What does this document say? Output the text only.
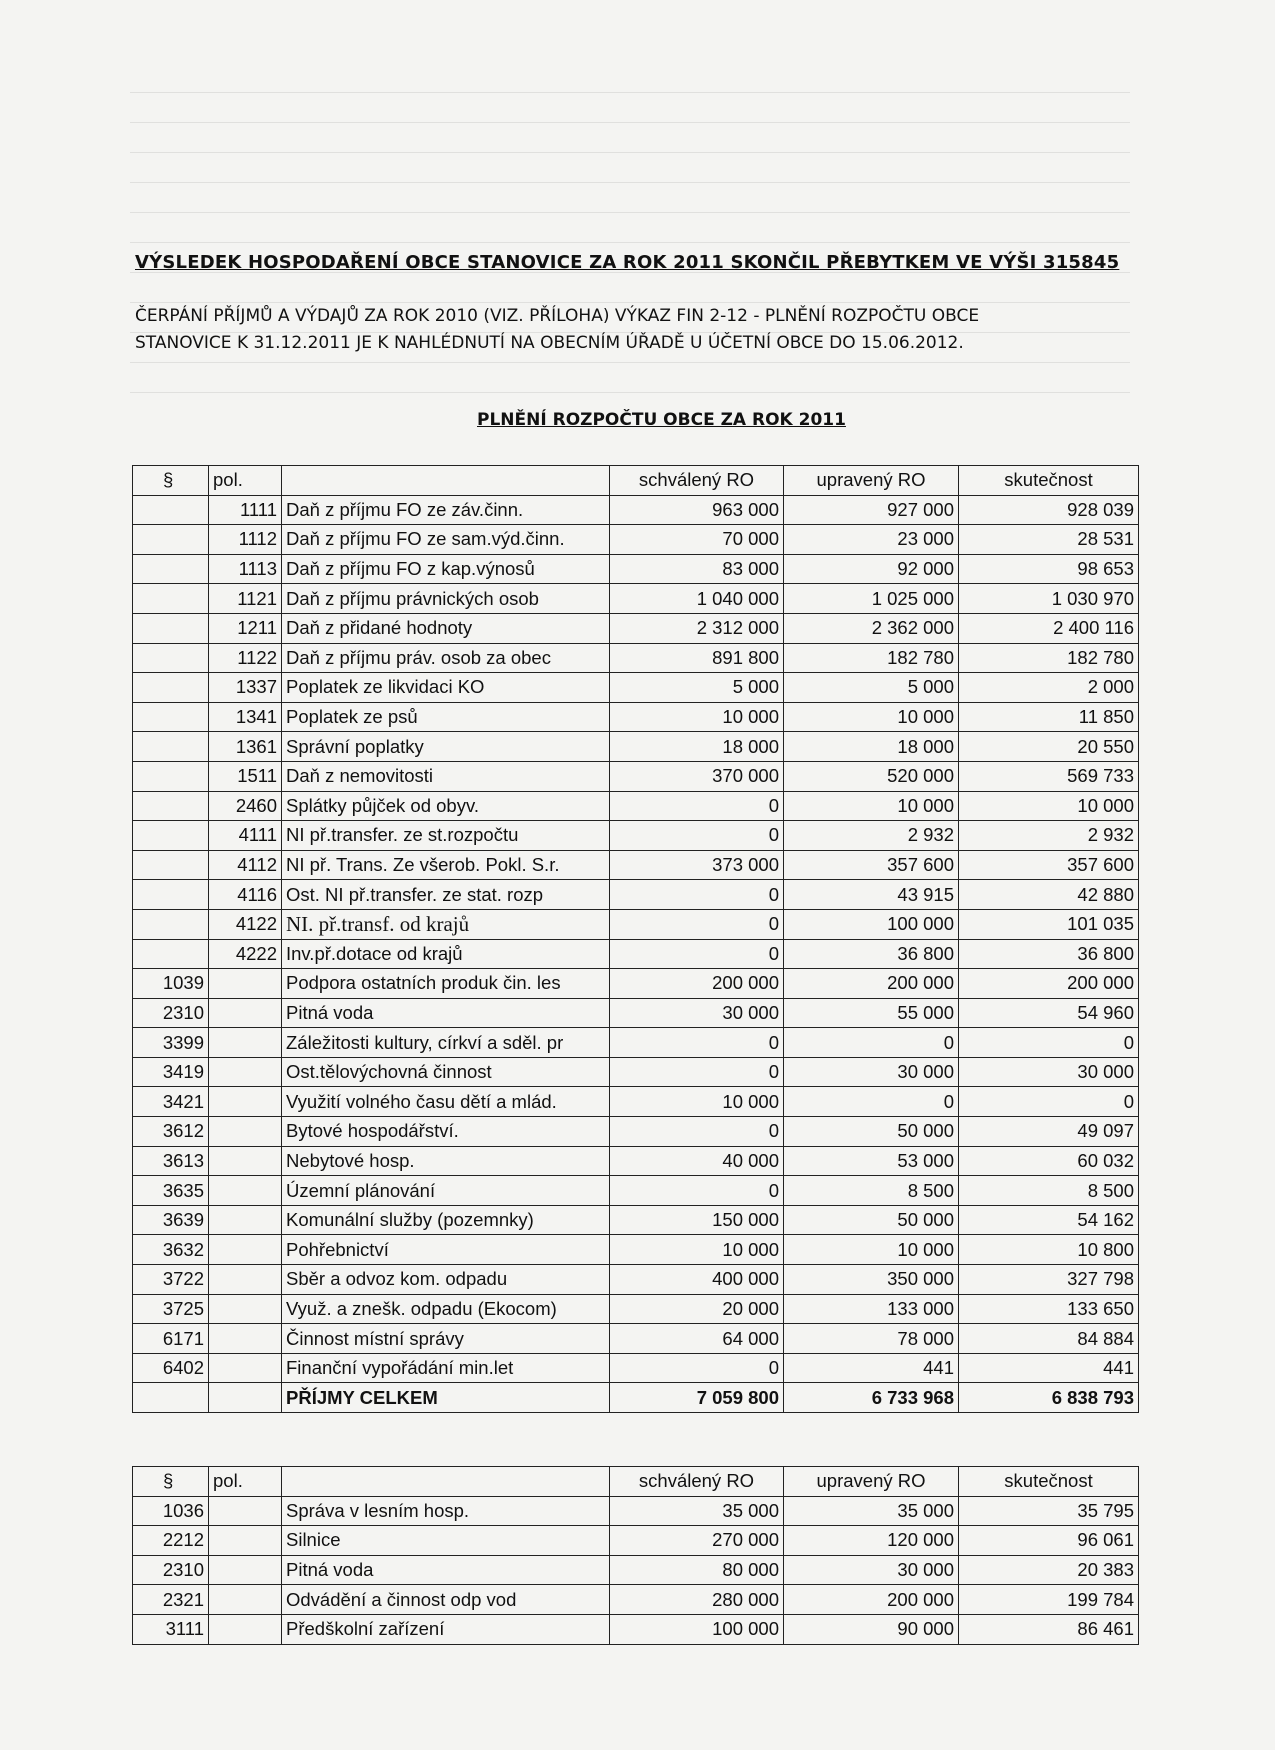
VÝSLEDEK HOSPODAŘENÍ OBCE STANOVICE ZA ROK 2011 SKONČIL PŘEBYTKEM VE VÝŠI 315845
ČERPÁNÍ PŘÍJMŮ A VÝDAJŮ ZA ROK 2010 (VIZ. PŘÍLOHA) VÝKAZ FIN 2-12 - PLNĚNÍ ROZPOČTU OBCE
STANOVICE K 31.12.2011 JE K NAHLÉDNUTÍ NA OBECNÍM ÚŘADĚ U ÚČETNÍ OBCE DO 15.06.2012.
PLNĚNÍ ROZPOČTU OBCE ZA ROK 2011
§	pol.		schválený RO	upravený RO	skutečnost
	1111	Daň z příjmu FO ze záv.činn.	963 000	927 000	928 039
	1112	Daň z příjmu FO ze sam.výd.činn.	70 000	23 000	28 531
	1113	Daň z příjmu FO z kap.výnosů	83 000	92 000	98 653
	1121	Daň z příjmu právnických osob	1 040 000	1 025 000	1 030 970
	1211	Daň z přidané hodnoty	2 312 000	2 362 000	2 400 116
	1122	Daň z příjmu práv. osob za obec	891 800	182 780	182 780
	1337	Poplatek ze likvidaci KO	5 000	5 000	2 000
	1341	Poplatek ze psů	10 000	10 000	11 850
	1361	Správní poplatky	18 000	18 000	20 550
	1511	Daň z nemovitosti	370 000	520 000	569 733
	2460	Splátky půjček od obyv.	0	10 000	10 000
	4111	NI př.transfer. ze st.rozpočtu	0	2 932	2 932
	4112	NI př. Trans. Ze všerob. Pokl. S.r.	373 000	357 600	357 600
	4116	Ost. NI př.transfer. ze stat. rozp	0	43 915	42 880
	4122	NI. př.transf. od krajů	0	100 000	101 035
	4222	Inv.př.dotace od krajů	0	36 800	36 800
1039		Podpora ostatních produk čin. les	200 000	200 000	200 000
2310		Pitná voda	30 000	55 000	54 960
3399		Záležitosti kultury, církví a sděl. pr	0	0	0
3419		Ost.tělovýchovná činnost	0	30 000	30 000
3421		Využití volného času dětí a mlád.	10 000	0	0
3612		Bytové hospodářství.	0	50 000	49 097
3613		Nebytové hosp.	40 000	53 000	60 032
3635		Územní plánování	0	8 500	8 500
3639		Komunální služby (pozemnky)	150 000	50 000	54 162
3632		Pohřebnictví	10 000	10 000	10 800
3722		Sběr a odvoz kom. odpadu	400 000	350 000	327 798
3725		Využ. a znešk. odpadu (Ekocom)	20 000	133 000	133 650
6171		Činnost místní správy	64 000	78 000	84 884
6402		Finanční vypořádání min.let	0	441	441
		PŘÍJMY CELKEM	7 059 800	6 733 968	6 838 793
§	pol.		schválený RO	upravený RO	skutečnost
1036		Správa v lesním hosp.	35 000	35 000	35 795
2212		Silnice	270 000	120 000	96 061
2310		Pitná voda	80 000	30 000	20 383
2321		Odvádění a činnost odp vod	280 000	200 000	199 784
3111		Předškolní zařízení	100 000	90 000	86 461
